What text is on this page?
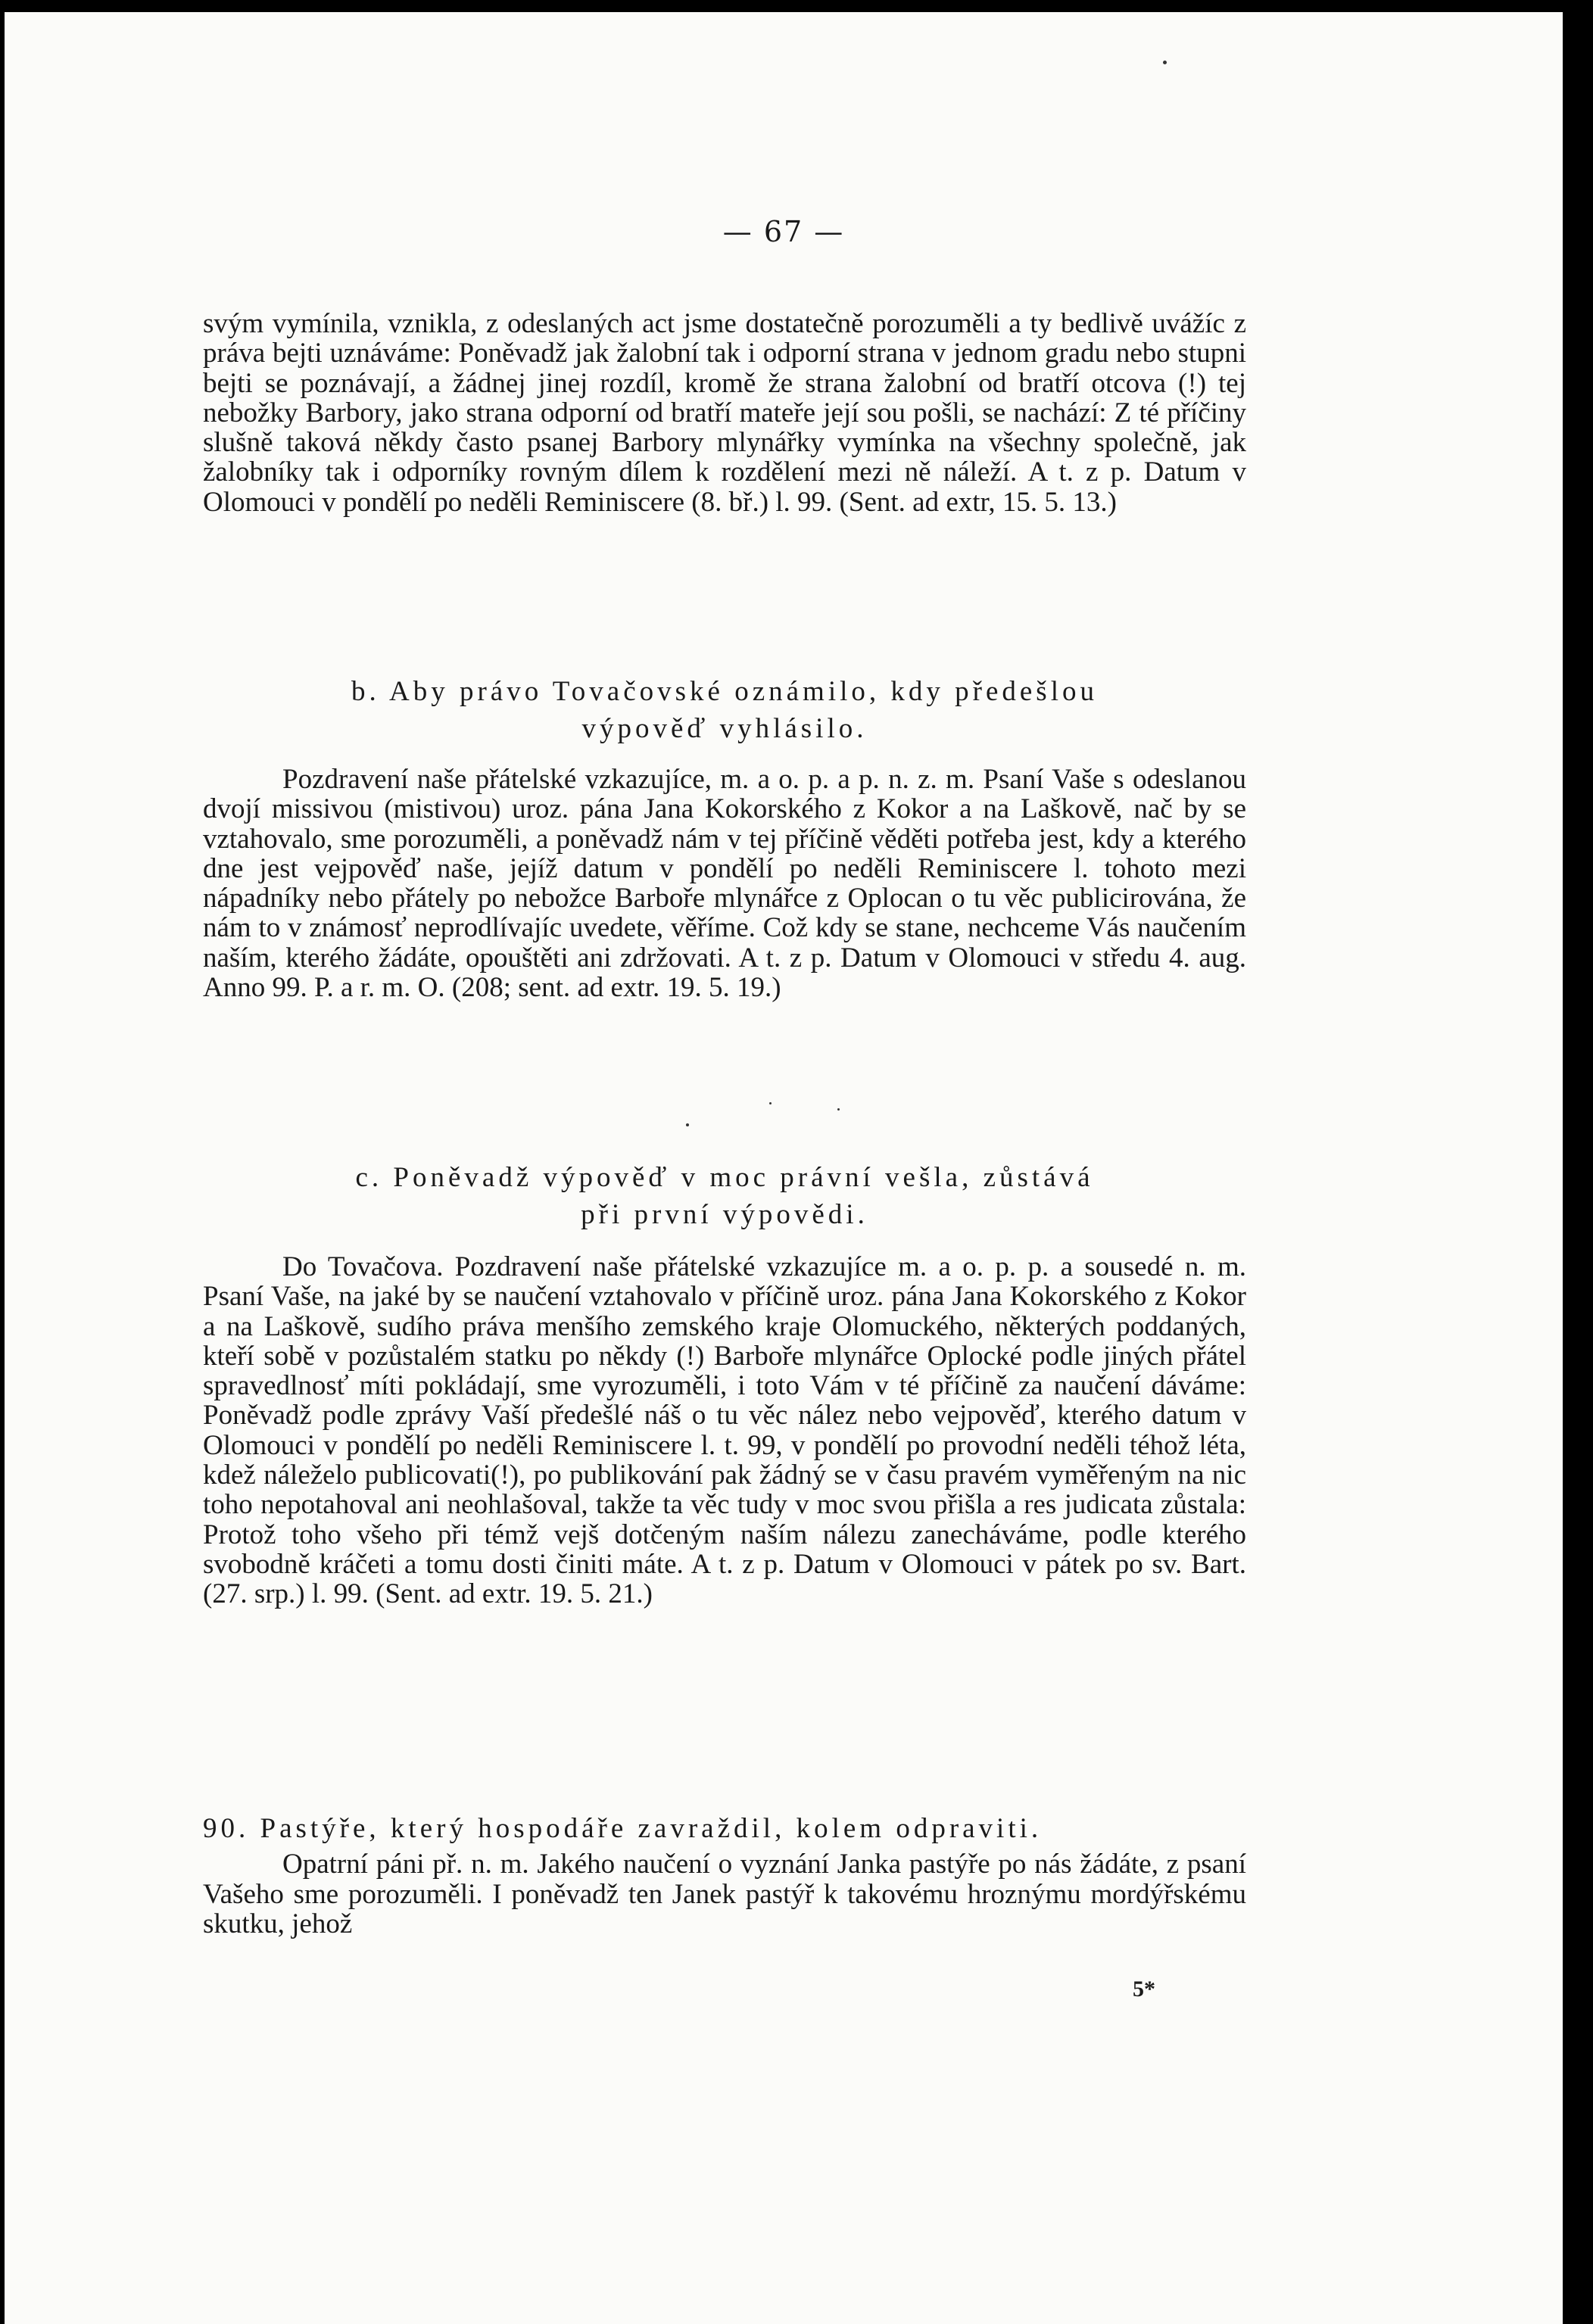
— 67 —

svým vymínila, vznikla, z odeslaných act jsme dostatečně porozuměli a ty bedlivě uvážíc z práva bejti uznáváme: Poněvadž jak žalobní tak i odporní strana v jednom gradu nebo stupni bejti se poznávají, a žádnej jinej rozdíl, kromě že strana žalobní od bratří otcova (!) tej nebožky Barbory, jako strana odporní od bratří mateře její sou pošli, se nachází: Z té příčiny slušně taková někdy často psanej Barbory mlynářky vymínka na všechny společně, jak žalobníky tak i odporníky rovným dílem k rozdělení mezi ně náleží. A t. z p. Datum v Olomouci v pondělí po neděli Reminiscere (8. bř.) l. 99. (Sent. ad extr, 15. 5. 13.)

b. Aby právo Tovačovské oznámilo, kdy předešlou

výpověď vyhlásilo.

Pozdravení naše přátelské vzkazujíce, m. a o. p. a p. n. z. m. Psaní Vaše s odeslanou dvojí missivou (mistivou) uroz. pána Jana Kokorského z Kokor a na Laškově, nač by se vztahovalo, sme porozuměli, a poněvadž nám v tej příčině věděti potřeba jest, kdy a kterého dne jest vejpověď naše, jejíž datum v pondělí po neděli Reminiscere l. tohoto mezi nápadníky nebo přátely po nebožce Barboře mlynářce z Oplocan o tu věc publicirována, že nám to v známosť neprodlívajíc uvedete, věříme. Což kdy se stane, nechceme Vás naučením naším, kterého žádáte, opouštěti ani zdržovati. A t. z p. Datum v Olomouci v středu 4. aug. Anno 99. P. a r. m. O. (208; sent. ad extr. 19. 5. 19.)

c. Poněvadž výpověď v moc právní vešla, zůstává

při první výpovědi.

Do Tovačova. Pozdravení naše přátelské vzkazujíce m. a o. p. p. a sousedé n. m. Psaní Vaše, na jaké by se naučení vztahovalo v příčině uroz. pána Jana Kokorského z Kokor a na Laškově, sudího práva menšího zemského kraje Olomuckého, některých poddaných, kteří sobě v pozůstalém statku po někdy (!) Barboře mlynářce Oplocké podle jiných přátel spravedlnosť míti pokládají, sme vyrozuměli, i toto Vám v té příčině za naučení dáváme: Poněvadž podle zprávy Vaší předešlé náš o tu věc nález nebo vejpověď, kterého datum v Olomouci v pondělí po neděli Reminiscere l. t. 99, v pondělí po provodní neděli téhož léta, kdež náleželo publicovati(!), po publikování pak žádný se v času pravém vyměřeným na nic toho nepotahoval ani neohlašoval, takže ta věc tudy v moc svou přišla a res judicata zůstala: Protož toho všeho při témž vejš dotčeným naším nálezu zanecháváme, podle kterého svobodně kráčeti a tomu dosti činiti máte. A t. z p. Datum v Olomouci v pátek po sv. Bart. (27. srp.) l. 99. (Sent. ad extr. 19. 5. 21.)

90. Pastýře, který hospodáře zavraždil, kolem odpraviti.

Opatrní páni př. n. m. Jakého naučení o vyznání Janka pastýře po nás žádáte, z psaní Vašeho sme porozuměli. I poněvadž ten Janek pastýř k takovému hroznýmu mordýřskému skutku, jehož

5*
